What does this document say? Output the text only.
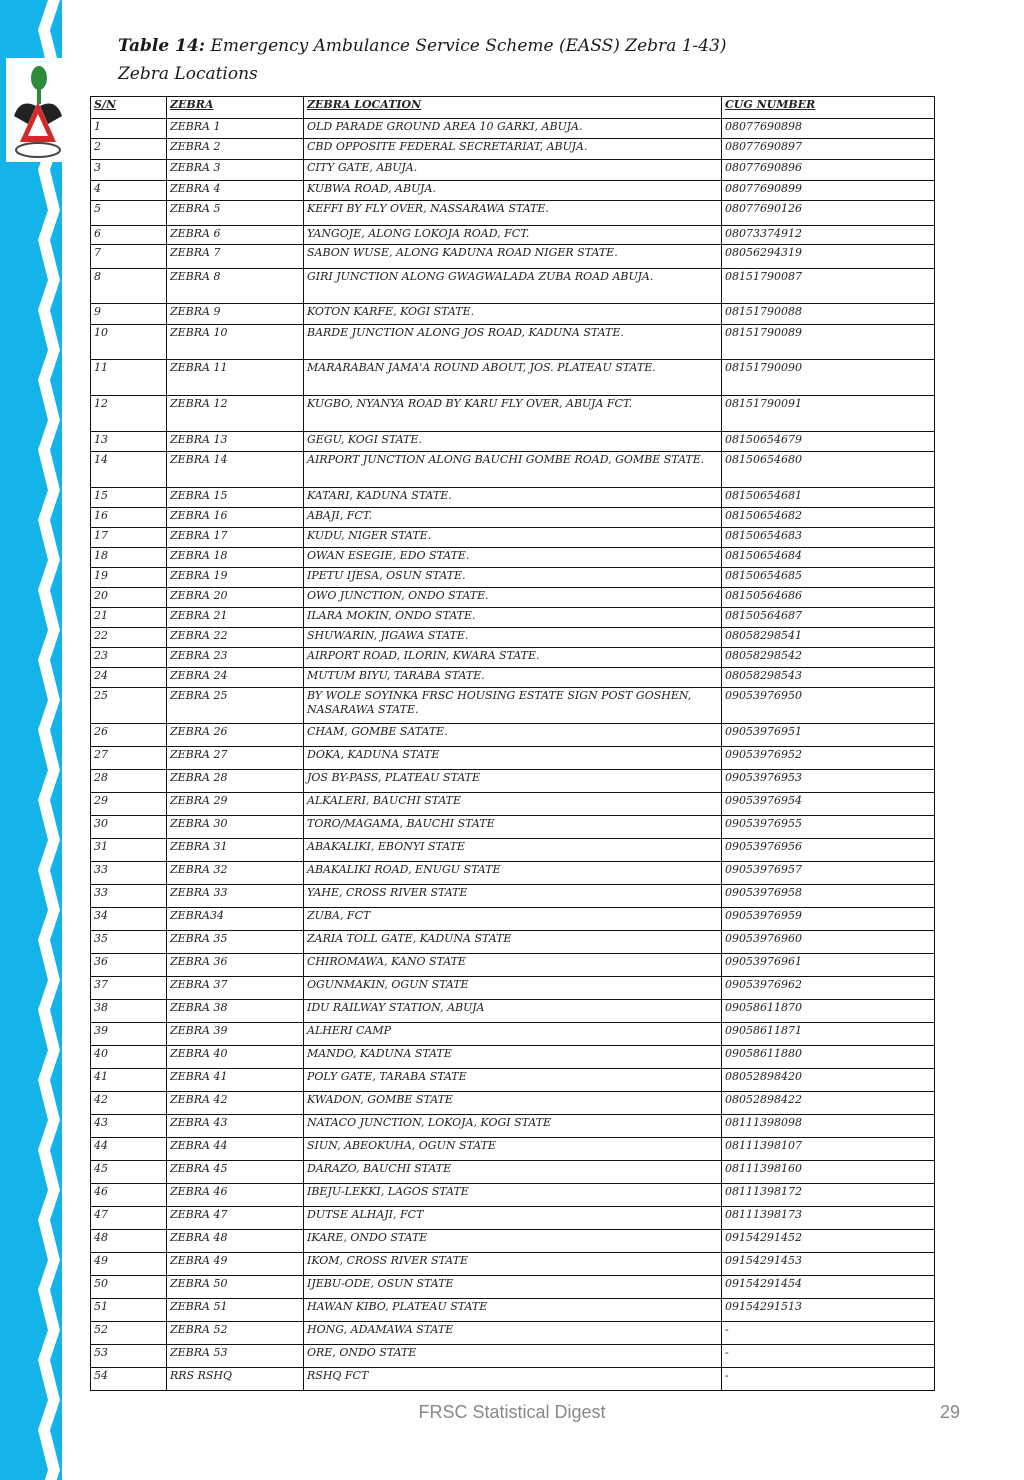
Table 14: Emergency Ambulance Service Scheme (EASS) Zebra 1-43)
Zebra Locations
S/N	ZEBRA	ZEBRA LOCATION	CUG NUMBER
1	ZEBRA 1	OLD PARADE GROUND AREA 10 GARKI, ABUJA.	08077690898
2	ZEBRA 2	CBD OPPOSITE FEDERAL SECRETARIAT, ABUJA.	08077690897
3	ZEBRA 3	CITY GATE, ABUJA.	08077690896
4	ZEBRA 4	KUBWA ROAD, ABUJA.	08077690899
5	ZEBRA 5	KEFFI BY FLY OVER, NASSARAWA STATE.	08077690126
6	ZEBRA 6	YANGOJE, ALONG LOKOJA ROAD, FCT.	08073374912
7	ZEBRA 7	SABON WUSE, ALONG KADUNA ROAD NIGER STATE.	08056294319
8	ZEBRA 8	GIRI JUNCTION ALONG GWAGWALADA ZUBA ROAD ABUJA.	08151790087
9	ZEBRA 9	KOTON KARFE, KOGI STATE.	08151790088
10	ZEBRA 10	BARDE JUNCTION ALONG JOS ROAD, KADUNA STATE.	08151790089
11	ZEBRA 11	MARARABAN JAMA'A ROUND ABOUT, JOS. PLATEAU STATE.	08151790090
12	ZEBRA 12	KUGBO, NYANYA ROAD BY KARU FLY OVER, ABUJA FCT.	08151790091
13	ZEBRA 13	GEGU, KOGI STATE.	08150654679
14	ZEBRA 14	AIRPORT JUNCTION ALONG BAUCHI GOMBE ROAD, GOMBE STATE.	08150654680
15	ZEBRA 15	KATARI, KADUNA STATE.	08150654681
16	ZEBRA 16	ABAJI, FCT.	08150654682
17	ZEBRA 17	KUDU, NIGER STATE.	08150654683
18	ZEBRA 18	OWAN ESEGIE, EDO STATE.	08150654684
19	ZEBRA 19	IPETU IJESA, OSUN STATE.	08150654685
20	ZEBRA 20	OWO JUNCTION, ONDO STATE.	08150564686
21	ZEBRA 21	ILARA MOKIN, ONDO STATE.	08150564687
22	ZEBRA 22	SHUWARIN, JIGAWA STATE.	08058298541
23	ZEBRA 23	AIRPORT ROAD, ILORIN, KWARA STATE.	08058298542
24	ZEBRA 24	MUTUM BIYU, TARABA STATE.	08058298543
25	ZEBRA 25	BY WOLE SOYINKA FRSC HOUSING ESTATE SIGN POST GOSHEN, NASARAWA STATE.	09053976950
26	ZEBRA 26	CHAM, GOMBE SATATE.	09053976951
27	ZEBRA 27	DOKA, KADUNA STATE	09053976952
28	ZEBRA 28	JOS BY-PASS, PLATEAU STATE	09053976953
29	ZEBRA 29	ALKALERI, BAUCHI STATE	09053976954
30	ZEBRA 30	TORO/MAGAMA, BAUCHI STATE	09053976955
31	ZEBRA 31	ABAKALIKI, EBONYI STATE	09053976956
33	ZEBRA 32	ABAKALIKI ROAD, ENUGU STATE	09053976957
33	ZEBRA 33	YAHE, CROSS RIVER STATE	09053976958
34	ZEBRA34	ZUBA, FCT	09053976959
35	ZEBRA 35	ZARIA TOLL GATE, KADUNA STATE	09053976960
36	ZEBRA 36	CHIROMAWA, KANO STATE	09053976961
37	ZEBRA 37	OGUNMAKIN, OGUN STATE	09053976962
38	ZEBRA 38	IDU RAILWAY STATION, ABUJA	09058611870
39	ZEBRA 39	ALHERI CAMP	09058611871
40	ZEBRA 40	MANDO, KADUNA STATE	09058611880
41	ZEBRA 41	POLY GATE, TARABA STATE	08052898420
42	ZEBRA 42	KWADON, GOMBE STATE	08052898422
43	ZEBRA 43	NATACO JUNCTION, LOKOJA, KOGI STATE	08111398098
44	ZEBRA 44	SIUN, ABEOKUHA, OGUN STATE	08111398107
45	ZEBRA 45	DARAZO, BAUCHI STATE	08111398160
46	ZEBRA 46	IBEJU-LEKKI, LAGOS STATE	08111398172
47	ZEBRA 47	DUTSE ALHAJI, FCT	08111398173
48	ZEBRA 48	IKARE, ONDO STATE	09154291452
49	ZEBRA 49	IKOM, CROSS RIVER STATE	09154291453
50	ZEBRA 50	IJEBU-ODE, OSUN STATE	09154291454
51	ZEBRA 51	HAWAN KIBO, PLATEAU STATE	09154291513
52	ZEBRA 52	HONG, ADAMAWA STATE	-
53	ZEBRA 53	ORE, ONDO STATE	-
54	RRS RSHQ	RSHQ FCT	-
FRSC Statistical Digest	29
